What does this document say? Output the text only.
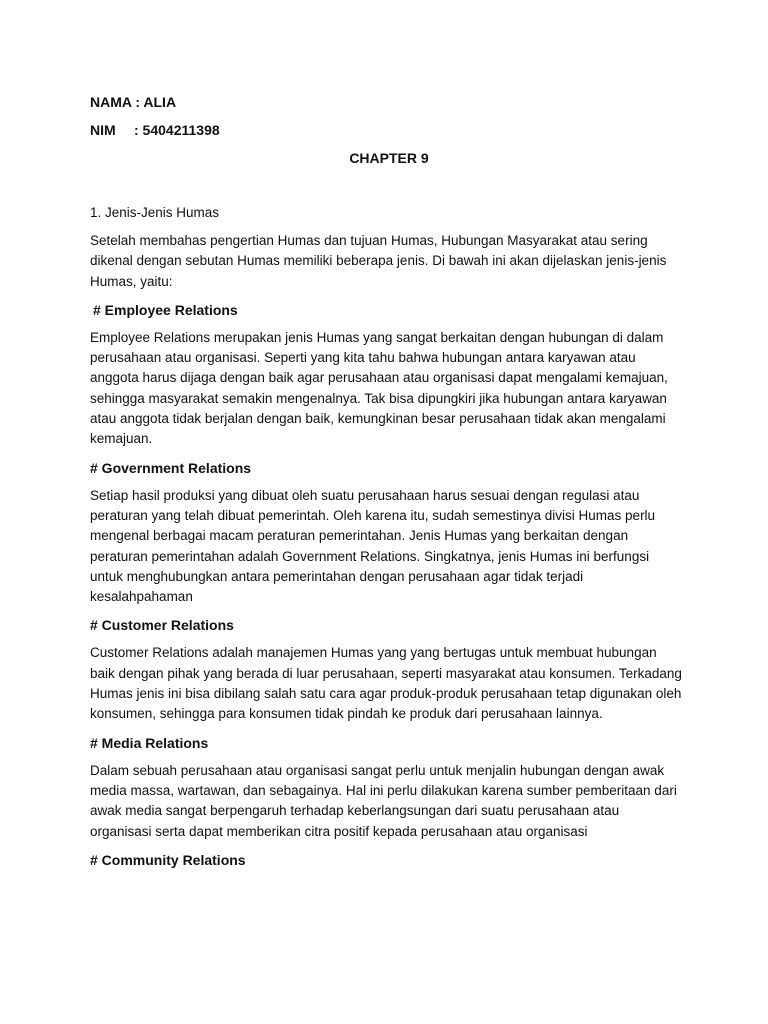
NAMA : ALIA
NIM : 5404211398
CHAPTER 9
1. Jenis-Jenis Humas

Setelah membahas pengertian Humas dan tujuan Humas, Hubungan Masyarakat atau sering dikenal dengan sebutan Humas memiliki beberapa jenis. Di bawah ini akan dijelaskan jenis-jenis Humas, yaitu:

# Employee Relations

Employee Relations merupakan jenis Humas yang sangat berkaitan dengan hubungan di dalam perusahaan atau organisasi. Seperti yang kita tahu bahwa hubungan antara karyawan atau anggota harus dijaga dengan baik agar perusahaan atau organisasi dapat mengalami kemajuan, sehingga masyarakat semakin mengenalnya. Tak bisa dipungkiri jika hubungan antara karyawan atau anggota tidak berjalan dengan baik, kemungkinan besar perusahaan tidak akan mengalami kemajuan.

# Government Relations

Setiap hasil produksi yang dibuat oleh suatu perusahaan harus sesuai dengan regulasi atau peraturan yang telah dibuat pemerintah. Oleh karena itu, sudah semestinya divisi Humas perlu mengenal berbagai macam peraturan pemerintahan. Jenis Humas yang berkaitan dengan peraturan pemerintahan adalah Government Relations. Singkatnya, jenis Humas ini berfungsi untuk menghubungkan antara pemerintahan dengan perusahaan agar tidak terjadi kesalahpahaman

# Customer Relations

Customer Relations adalah manajemen Humas yang yang bertugas untuk membuat hubungan baik dengan pihak yang berada di luar perusahaan, seperti masyarakat atau konsumen. Terkadang Humas jenis ini bisa dibilang salah satu cara agar produk-produk perusahaan tetap digunakan oleh konsumen, sehingga para konsumen tidak pindah ke produk dari perusahaan lainnya.

# Media Relations

Dalam sebuah perusahaan atau organisasi sangat perlu untuk menjalin hubungan dengan awak media massa, wartawan, dan sebagainya. Hal ini perlu dilakukan karena sumber pemberitaan dari awak media sangat berpengaruh terhadap keberlangsungan dari suatu perusahaan atau organisasi serta dapat memberikan citra positif kepada perusahaan atau organisasi

# Community Relations
